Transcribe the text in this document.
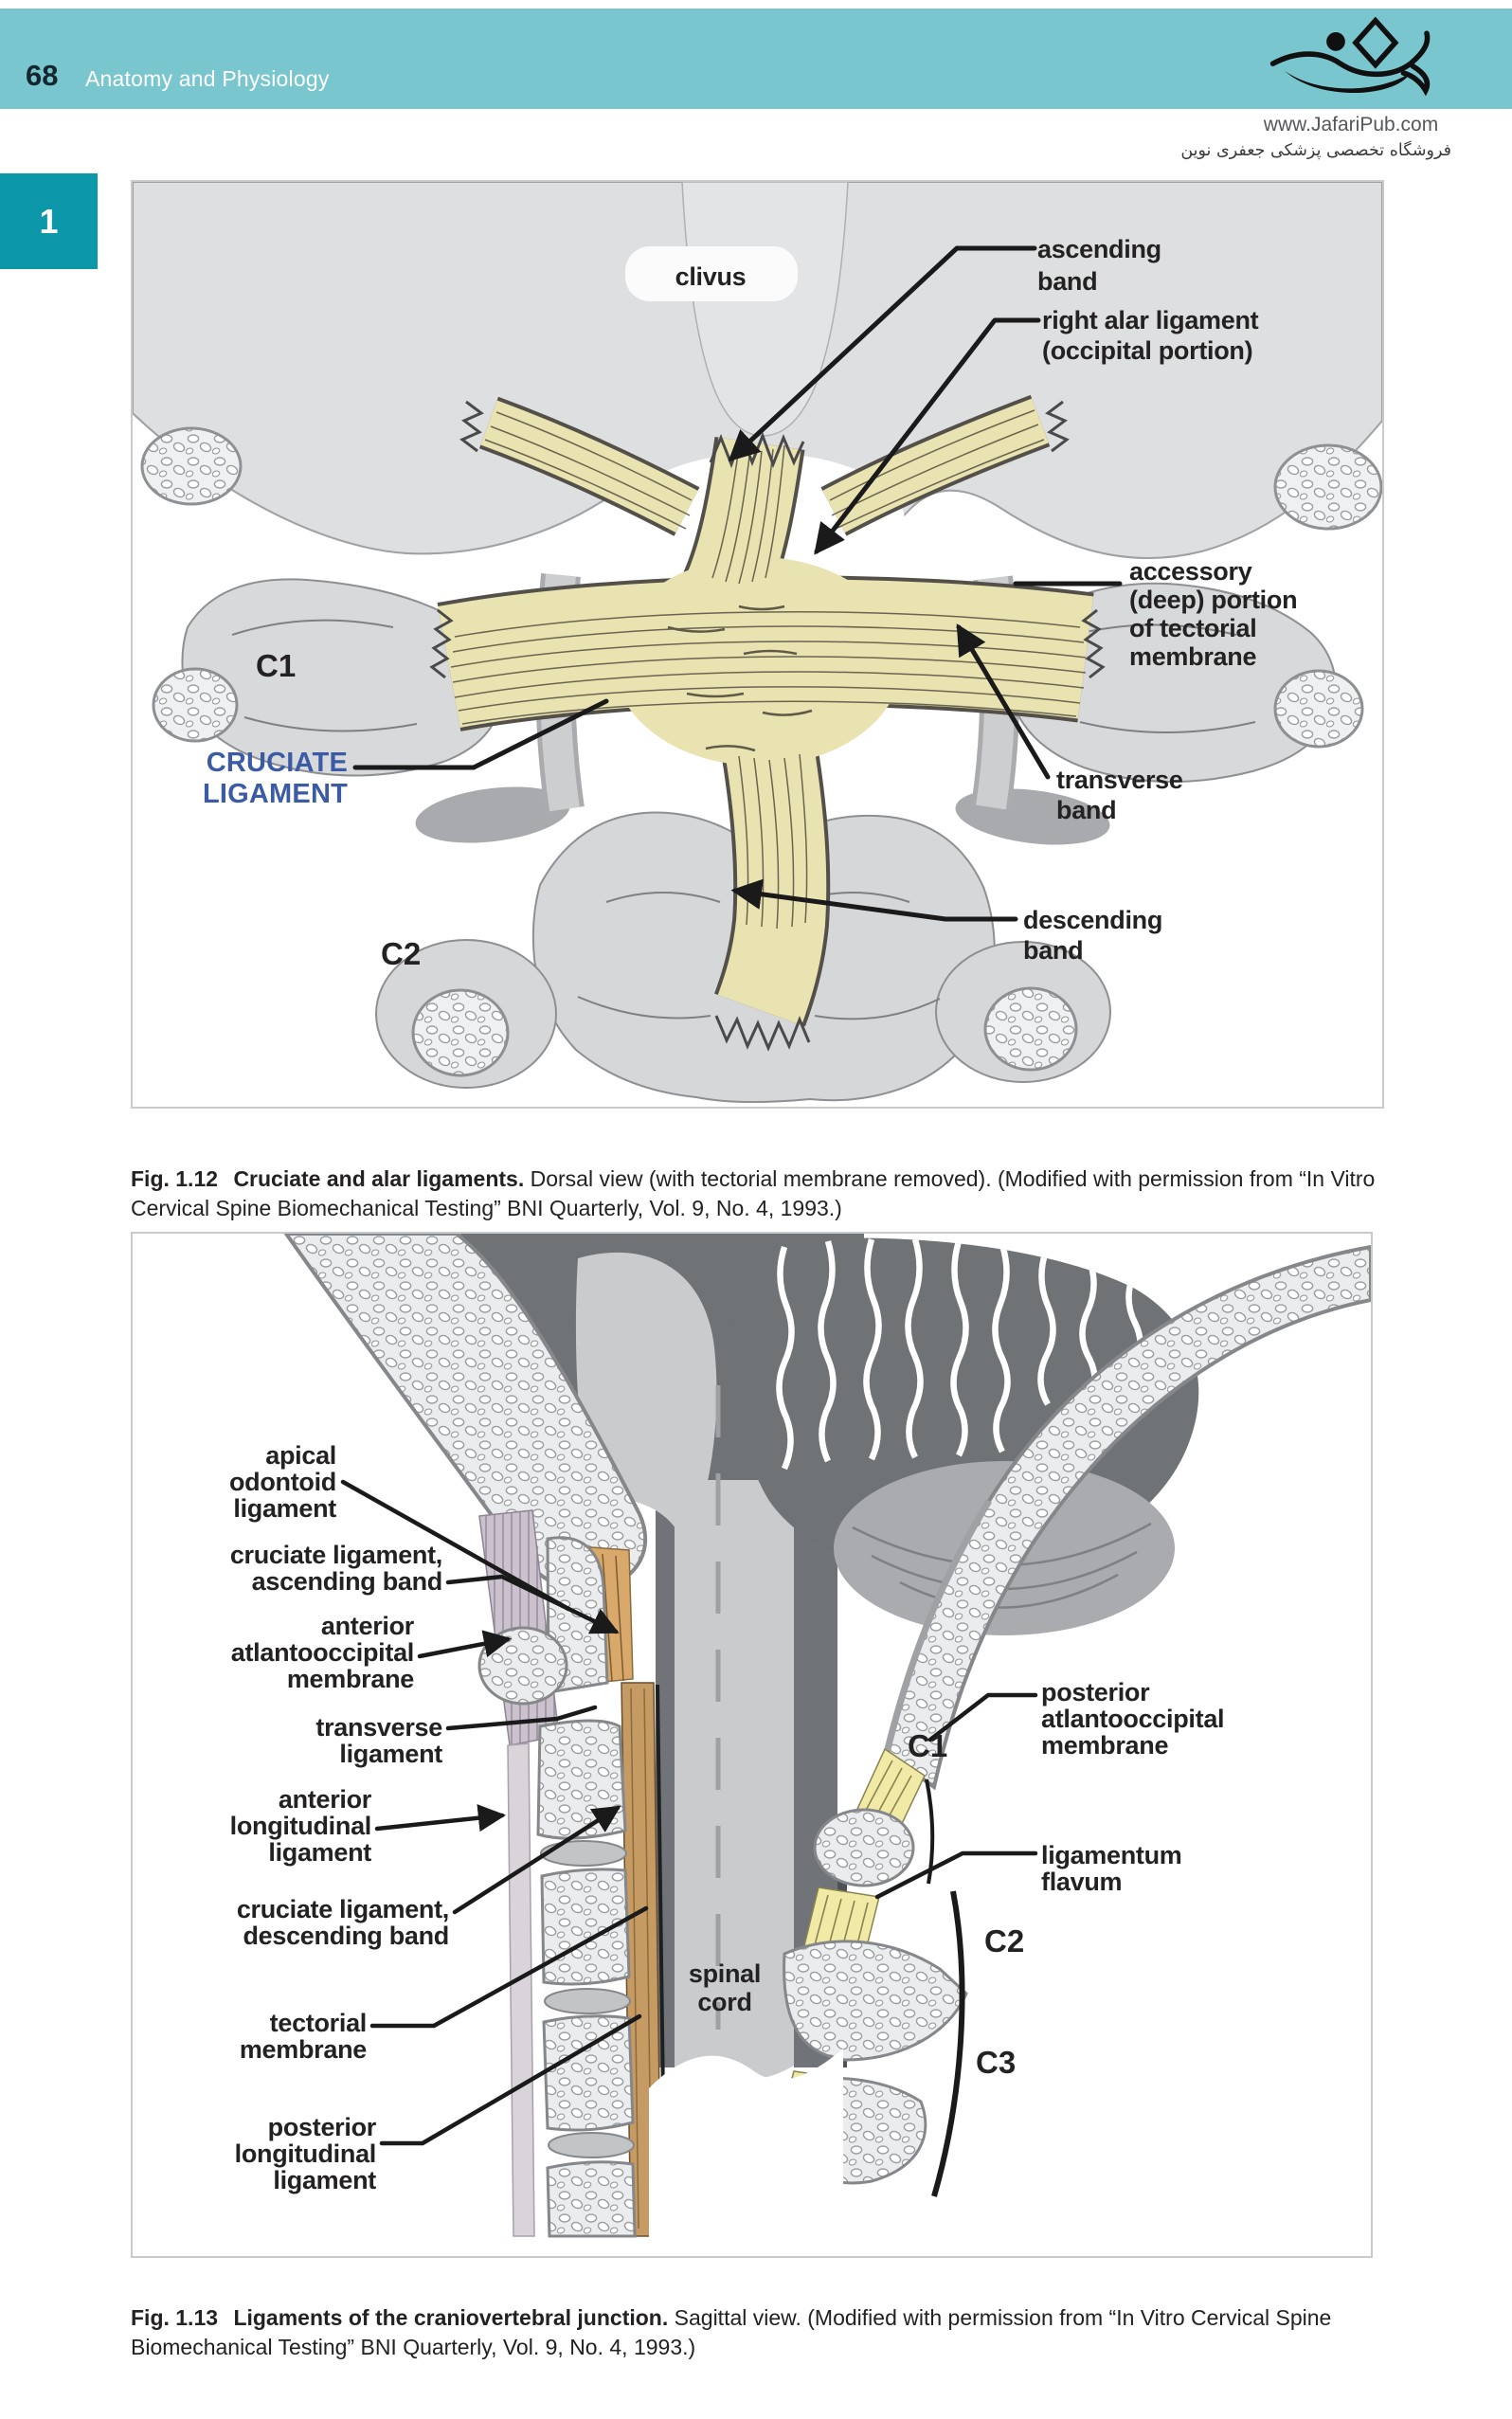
68 Anatomy and Physiology
www.JafariPub.com
فروشگاه تخصصی پزشکی جعفری نوین
1
clivus
ascending
band
right alar ligament
(occipital portion)
accessory
(deep) portion
of tectorial
membrane
transverse
band
descending
band
C1
C2
CRUCIATE
LIGAMENT

Fig. 1.12 Cruciate and alar ligaments. Dorsal view (with tectorial membrane removed). (Modified with permission from “In Vitro Cervical Spine Biomechanical Testing” BNI Quarterly, Vol. 9, No. 4, 1993.)

apical
odontoid
ligament
cruciate ligament,
ascending band
anterior
atlantooccipital
membrane
transverse
ligament
anterior
longitudinal
ligament
cruciate ligament,
descending band
tectorial
membrane
posterior
longitudinal
ligament
posterior
atlantooccipital
membrane
ligamentum
flavum
C1
C2
C3
spinal
cord

Fig. 1.13 Ligaments of the craniovertebral junction. Sagittal view. (Modified with permission from “In Vitro Cervical Spine Biomechanical Testing” BNI Quarterly, Vol. 9, No. 4, 1993.)
